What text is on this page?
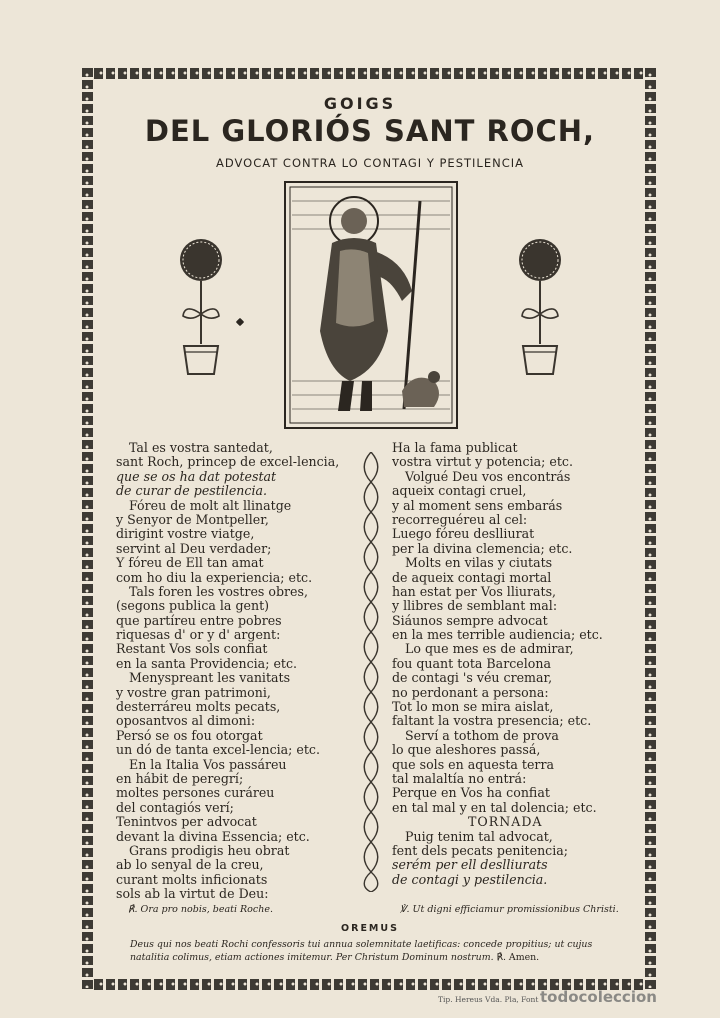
GOIGS
DEL GLORIÓS SANT ROCH,
ADVOCAT CONTRA LO CONTAGI Y PESTILENCIA
Tal es vostra santedat,
sant Roch, princep de excel-lencia,
que se os ha dat potestat
de curar de pestilencia.
Fóreu de molt alt llinatge
y Senyor de Montpeller,
dirigint vostre viatge,
servint al Deu verdader;
Y fóreu de Ell tan amat
com ho diu la experiencia; etc.
Tals foren les vostres obres,
(segons publica la gent)
que partíreu entre pobres
riquesas d' or y d' argent:
Restant Vos sols confiat
en la santa Providencia; etc.
Menyspreant les vanitats
y vostre gran patrimoni,
desterráreu molts pecats,
oposantvos al dimoni:
Persó se os fou otorgat
un dó de tanta excel-lencia; etc.
En la Italia Vos passáreu
en hábit de peregrí;
moltes persones curáreu
del contagiós verí;
Tenintvos per advocat
devant la divina Essencia; etc.
Grans prodigis heu obrat
ab lo senyal de la creu,
curant molts inficionats
sols ab la virtut de Deu:
Ha la fama publicat
vostra virtut y potencia; etc.
Volgué Deu vos encontrás
aqueix contagi cruel,
y al moment sens embarás
recorreguéreu al cel:
Luego fóreu deslliurat
per la divina clemencia; etc.
Molts en vilas y ciutats
de aqueix contagi mortal
han estat per Vos lliurats,
y llibres de semblant mal:
Siáunos sempre advocat
en la mes terrible audiencia; etc.
Lo que mes es de admirar,
fou quant tota Barcelona
de contagi 's véu cremar,
no perdonant a persona:
Tot lo mon se mira aislat,
faltant la vostra presencia; etc.
Serví a tothom de prova
lo que aleshores passá,
que sols en aquesta terra
tal malaltía no entrá:
Perque en Vos ha confiat
en tal mal y en tal dolencia; etc.
TORNADA
Puig tenim tal advocat,
fent dels pecats penitencia;
serém per ell deslliurats
de contagi y pestilencia.
℟. Ora pro nobis, beati Roche.	℣. Ut digni efficiamur promissionibus Christi.
OREMUS
Deus qui nos beati Rochi confessoris tui annua solemnitate laetificas: concede propitius; ut cujus natalitia colimus, etiam actiones imitemur. Per Christum Dominum nostrum. ℟. Amen.
Tip. Hereus Vda. Pla, Font todocoleccion
